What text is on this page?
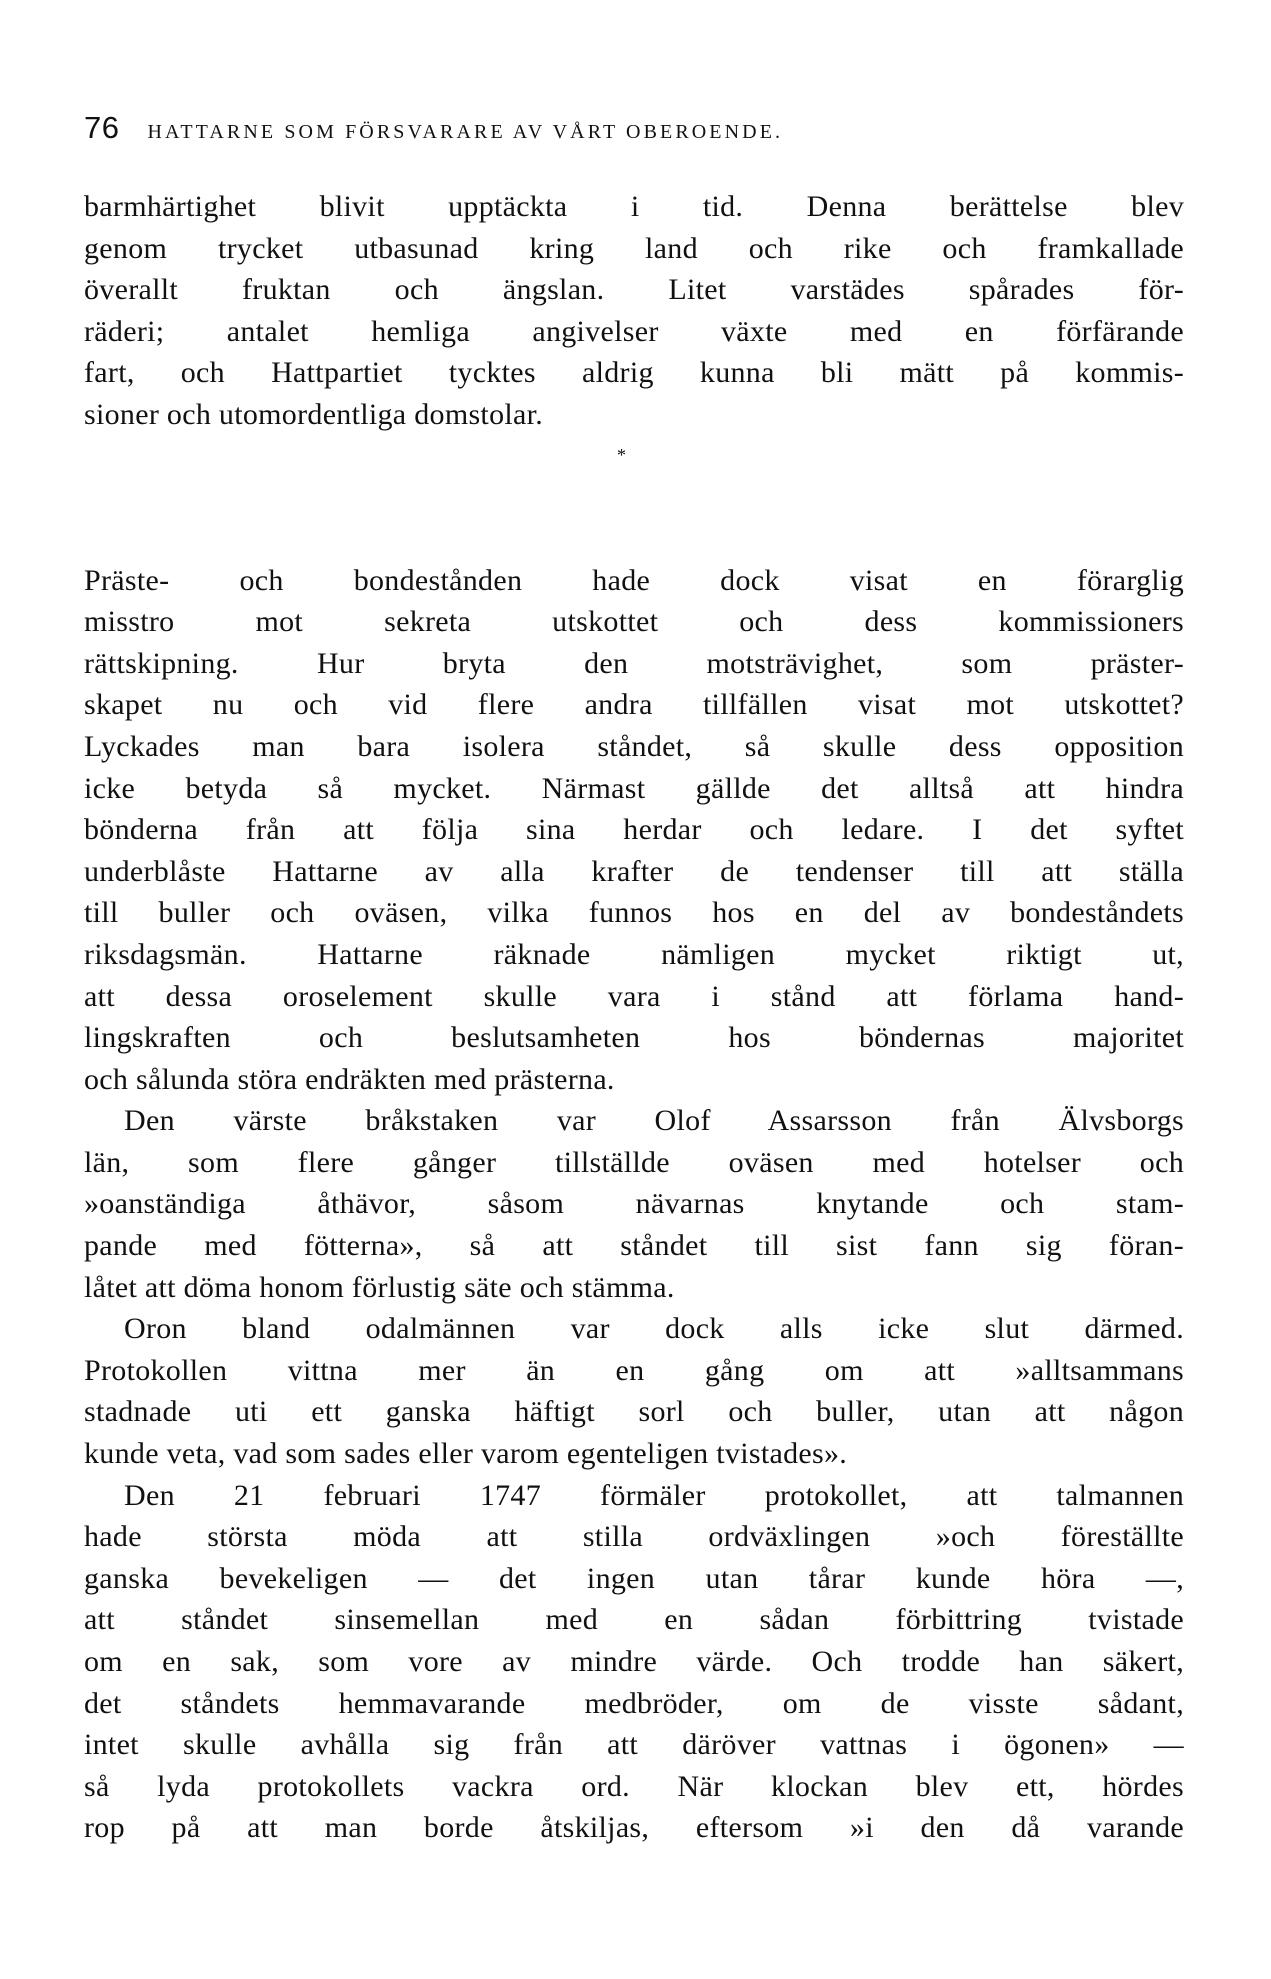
76 HATTARNE SOM FÖRSVARARE AV VÅRT OBEROENDE.
barmhärtighet blivit upptäckta i tid. Denna berättelse blev
genom trycket utbasunad kring land och rike och framkallade
överallt fruktan och ängslan. Litet varstädes spårades för-
räderi; antalet hemliga angivelser växte med en förfärande
fart, och Hattpartiet tycktes aldrig kunna bli mätt på kommis-
sioner och utomordentliga domstolar.
*
Präste- och bondestånden hade dock visat en förarglig
misstro mot sekreta utskottet och dess kommissioners
rättskipning. Hur bryta den motsträvighet, som präster-
skapet nu och vid flere andra tillfällen visat mot utskottet?
Lyckades man bara isolera ståndet, så skulle dess opposition
icke betyda så mycket. Närmast gällde det alltså att hindra
bönderna från att följa sina herdar och ledare. I det syftet
underblåste Hattarne av alla krafter de tendenser till att ställa
till buller och oväsen, vilka funnos hos en del av bondeståndets
riksdagsmän. Hattarne räknade nämligen mycket riktigt ut,
att dessa oroselement skulle vara i stånd att förlama hand-
lingskraften och beslutsamheten hos böndernas majoritet
och sålunda störa endräkten med prästerna.
Den värste bråkstaken var Olof Assarsson från Älvsborgs
län, som flere gånger tillställde oväsen med hotelser och
»oanständiga åthävor, såsom nävarnas knytande och stam-
pande med fötterna», så att ståndet till sist fann sig föran-
låtet att döma honom förlustig säte och stämma.
Oron bland odalmännen var dock alls icke slut därmed.
Protokollen vittna mer än en gång om att »alltsammans
stadnade uti ett ganska häftigt sorl och buller, utan att någon
kunde veta, vad som sades eller varom egenteligen tvistades».
Den 21 februari 1747 förmäler protokollet, att talmannen
hade största möda att stilla ordväxlingen »och föreställte
ganska bevekeligen — det ingen utan tårar kunde höra —,
att ståndet sinsemellan med en sådan förbittring tvistade
om en sak, som vore av mindre värde. Och trodde han säkert,
det ståndets hemmavarande medbröder, om de visste sådant,
intet skulle avhålla sig från att däröver vattnas i ögonen» —
så lyda protokollets vackra ord. När klockan blev ett, hördes
rop på att man borde åtskiljas, eftersom »i den då varande
